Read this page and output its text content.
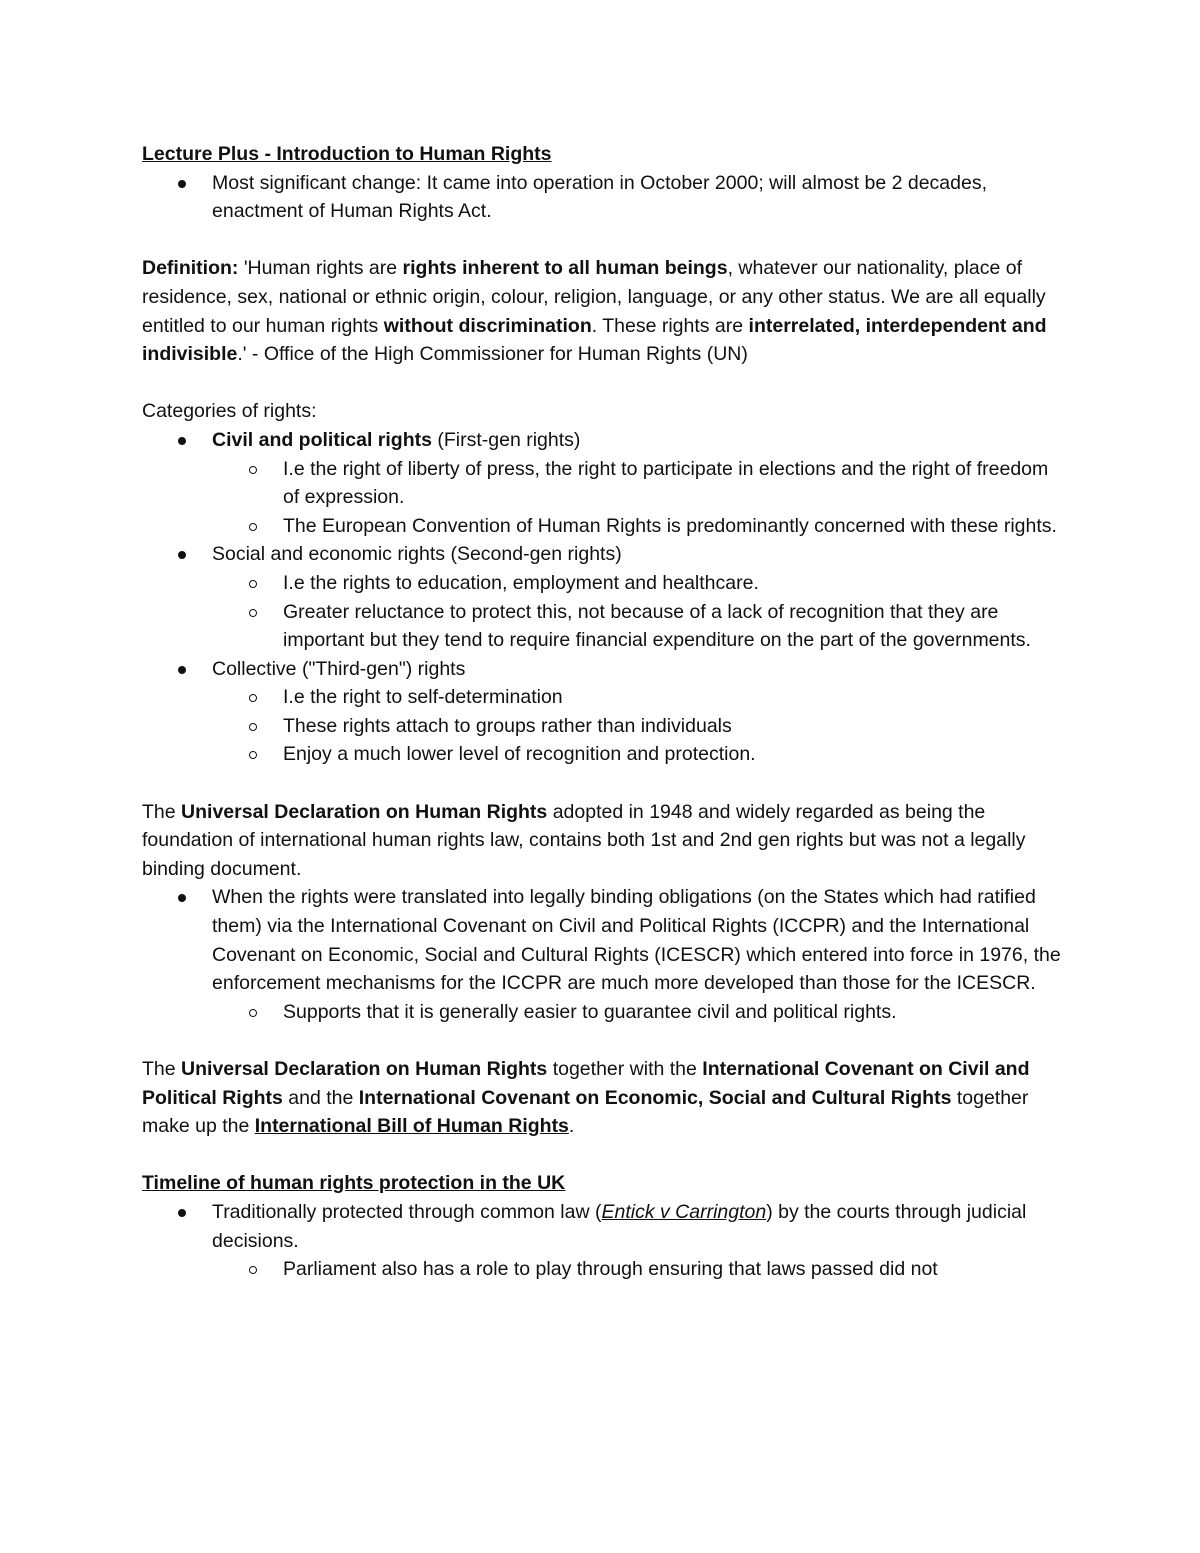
Lecture Plus - Introduction to Human Rights
Most significant change: It came into operation in October 2000; will almost be 2 decades, enactment of Human Rights Act.

Definition: 'Human rights are rights inherent to all human beings, whatever our nationality, place of residence, sex, national or ethnic origin, colour, religion, language, or any other status. We are all equally entitled to our human rights without discrimination. These rights are interrelated, interdependent and indivisible.' - Office of the High Commissioner for Human Rights (UN)

Categories of rights:

Civil and political rights (First-gen rights)
I.e the right of liberty of press, the right to participate in elections and the right of freedom of expression.
The European Convention of Human Rights is predominantly concerned with these rights.
Social and economic rights (Second-gen rights)
I.e the rights to education, employment and healthcare.
Greater reluctance to protect this, not because of a lack of recognition that they are important but they tend to require financial expenditure on the part of the governments.
Collective ("Third-gen") rights
I.e the right to self-determination
These rights attach to groups rather than individuals
Enjoy a much lower level of recognition and protection.

The Universal Declaration on Human Rights adopted in 1948 and widely regarded as being the foundation of international human rights law, contains both 1st and 2nd gen rights but was not a legally binding document.

When the rights were translated into legally binding obligations (on the States which had ratified them) via the International Covenant on Civil and Political Rights (ICCPR) and the International Covenant on Economic, Social and Cultural Rights (ICESCR) which entered into force in 1976, the enforcement mechanisms for the ICCPR are much more developed than those for the ICESCR.
Supports that it is generally easier to guarantee civil and political rights.

The Universal Declaration on Human Rights together with the International Covenant on Civil and Political Rights and the International Covenant on Economic, Social and Cultural Rights together make up the International Bill of Human Rights.

Timeline of human rights protection in the UK
Traditionally protected through common law (Entick v Carrington) by the courts through judicial decisions.
Parliament also has a role to play through ensuring that laws passed did not
